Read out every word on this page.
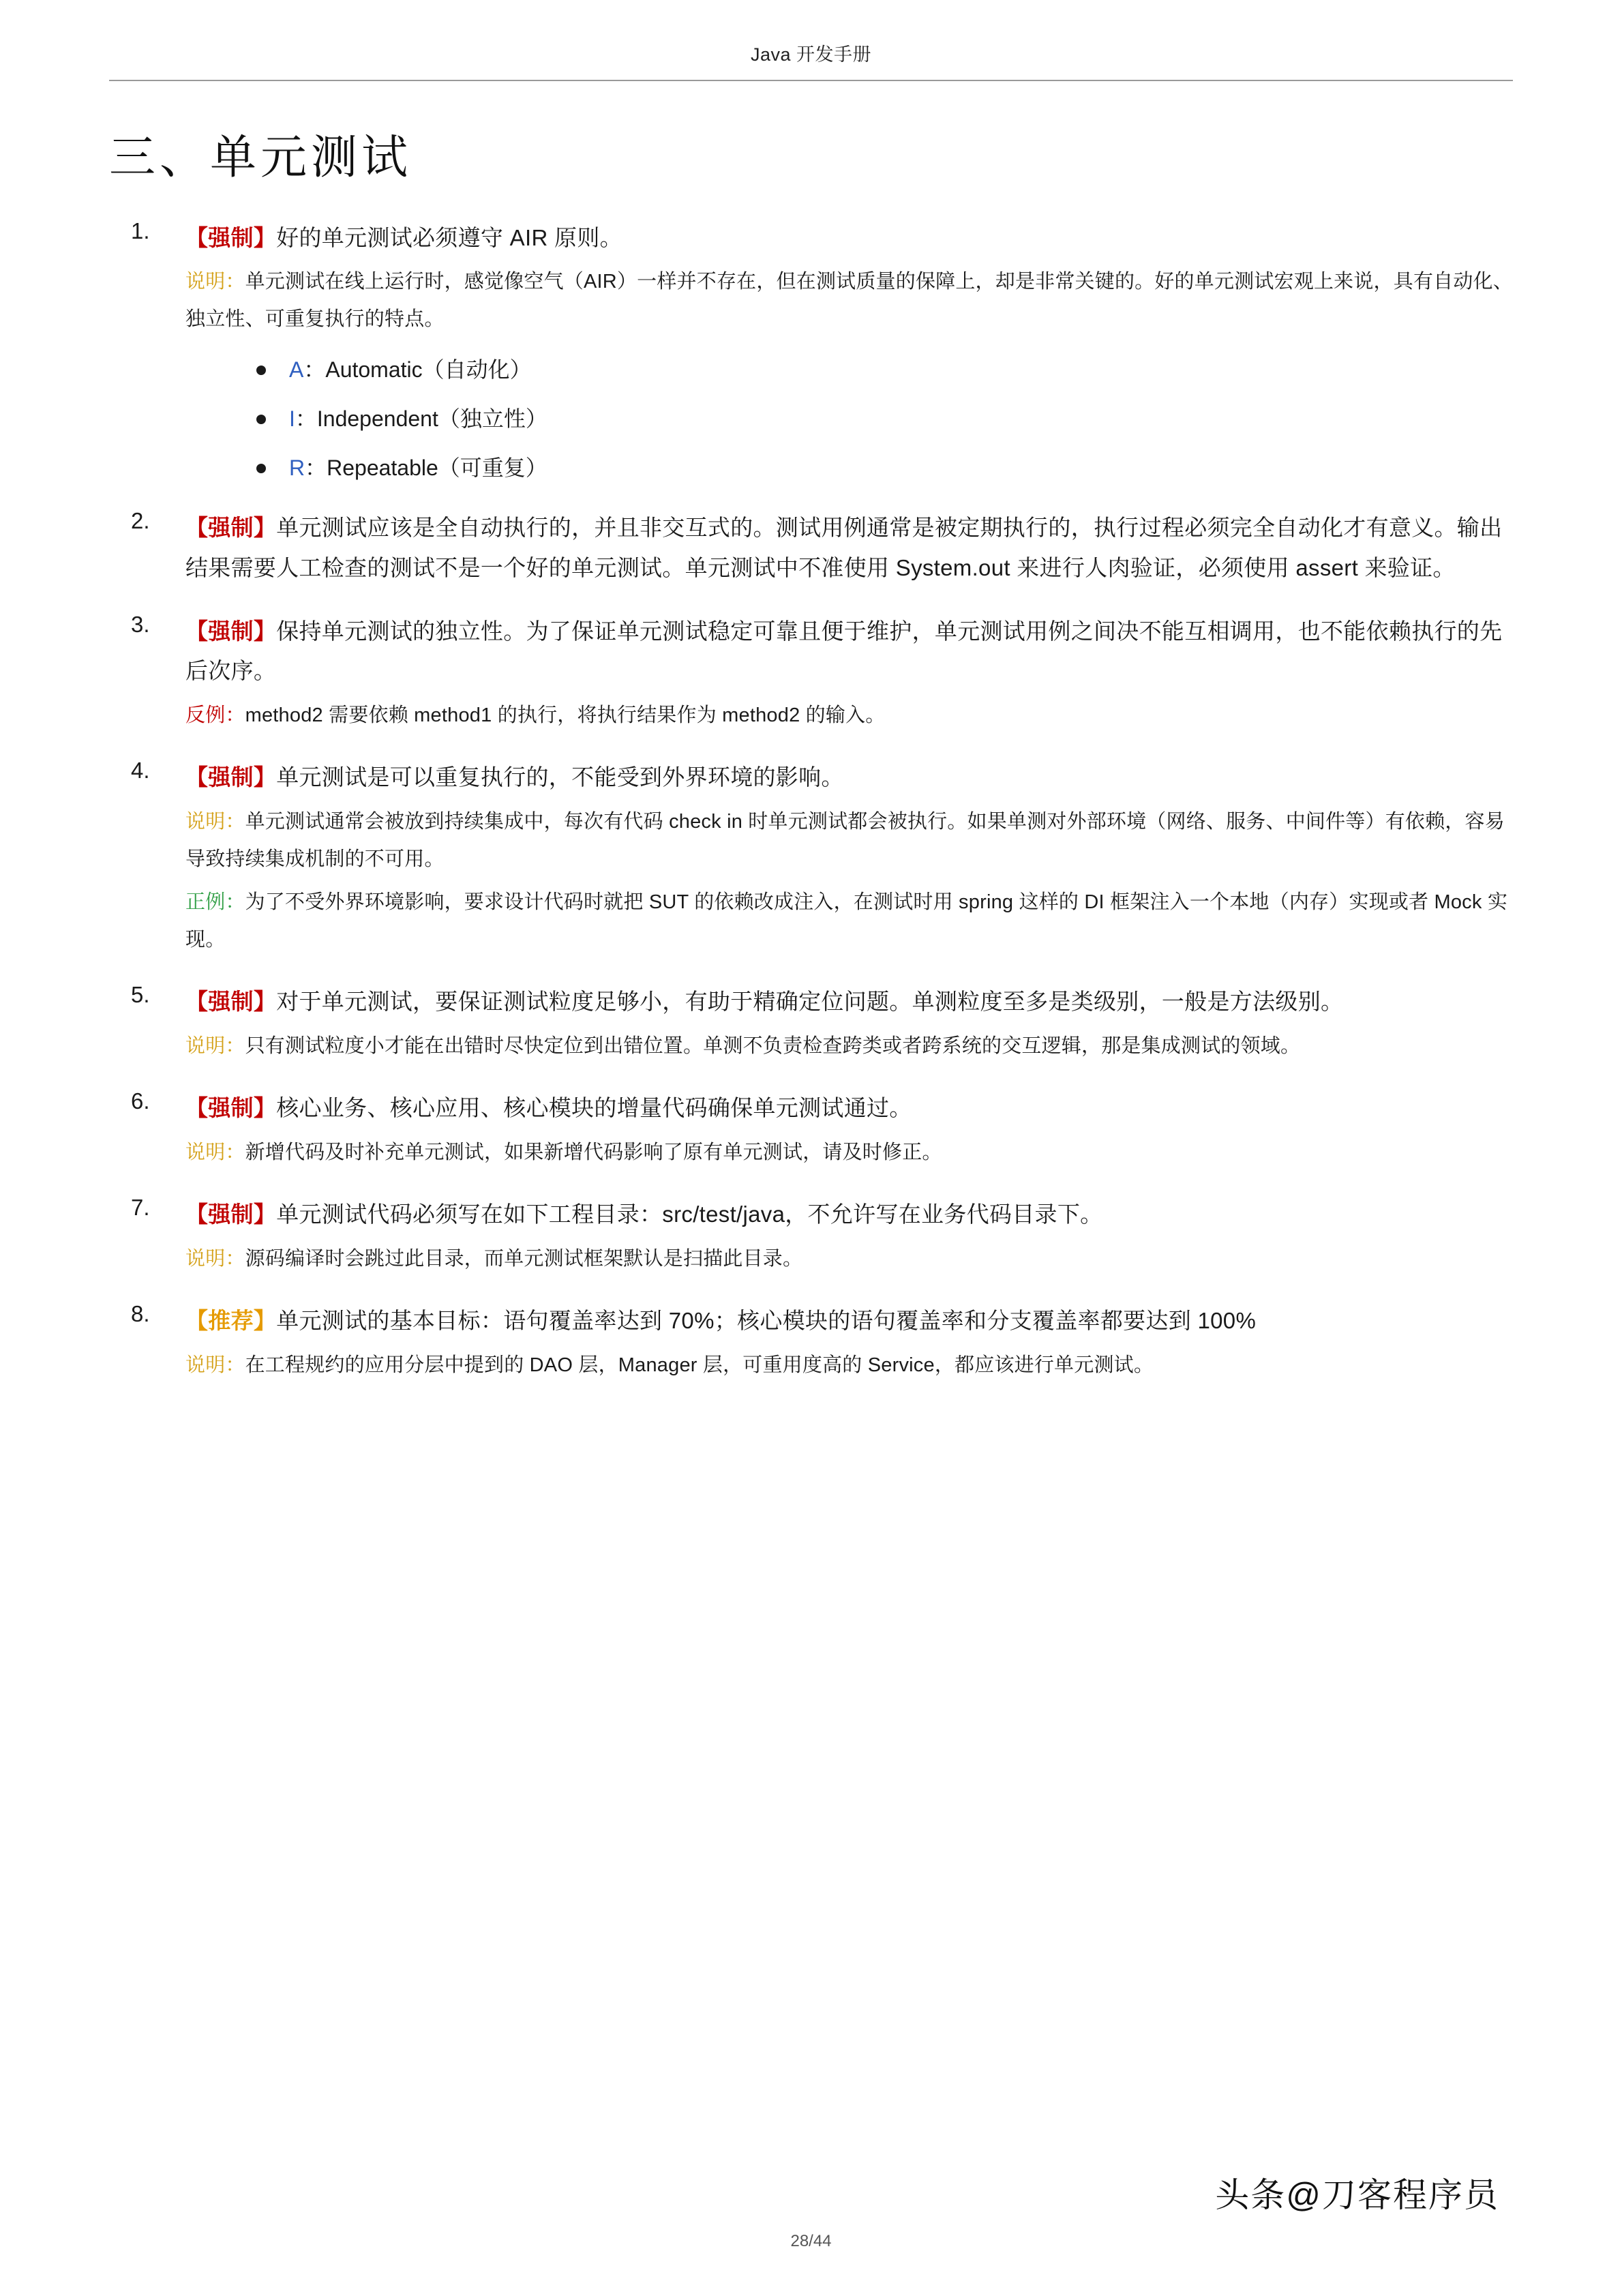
Java 开发手册
三、单元测试
1. 【强制】好的单元测试必须遵守 AIR 原则。
说明：单元测试在线上运行时，感觉像空气（AIR）一样并不存在，但在测试质量的保障上，却是非常关键的。好的单元测试宏观上来说，具有自动化、独立性、可重复执行的特点。
A：Automatic（自动化）
I：Independent（独立性）
R：Repeatable（可重复）
2. 【强制】单元测试应该是全自动执行的，并且非交互式的。测试用例通常是被定期执行的，执行过程必须完全自动化才有意义。输出结果需要人工检查的测试不是一个好的单元测试。单元测试中不准使用 System.out 来进行人肉验证，必须使用 assert 来验证。
3. 【强制】保持单元测试的独立性。为了保证单元测试稳定可靠且便于维护，单元测试用例之间决不能互相调用，也不能依赖执行的先后次序。
反例：method2 需要依赖 method1 的执行，将执行结果作为 method2 的输入。
4. 【强制】单元测试是可以重复执行的，不能受到外界环境的影响。
说明：单元测试通常会被放到持续集成中，每次有代码 check in 时单元测试都会被执行。如果单测对外部环境（网络、服务、中间件等）有依赖，容易导致持续集成机制的不可用。
正例：为了不受外界环境影响，要求设计代码时就把 SUT 的依赖改成注入，在测试时用 spring 这样的 DI 框架注入一个本地（内存）实现或者 Mock 实现。
5. 【强制】对于单元测试，要保证测试粒度足够小，有助于精确定位问题。单测粒度至多是类级别，一般是方法级别。
说明：只有测试粒度小才能在出错时尽快定位到出错位置。单测不负责检查跨类或者跨系统的交互逻辑，那是集成测试的领域。
6. 【强制】核心业务、核心应用、核心模块的增量代码确保单元测试通过。
说明：新增代码及时补充单元测试，如果新增代码影响了原有单元测试，请及时修正。
7. 【强制】单元测试代码必须写在如下工程目录：src/test/java，不允许写在业务代码目录下。
说明：源码编译时会跳过此目录，而单元测试框架默认是扫描此目录。
8. 【推荐】单元测试的基本目标：语句覆盖率达到 70%；核心模块的语句覆盖率和分支覆盖率都要达到 100%
说明：在工程规约的应用分层中提到的 DAO 层，Manager 层，可重用度高的 Service，都应该进行单元测试。
头条@刀客程序员
28/44
